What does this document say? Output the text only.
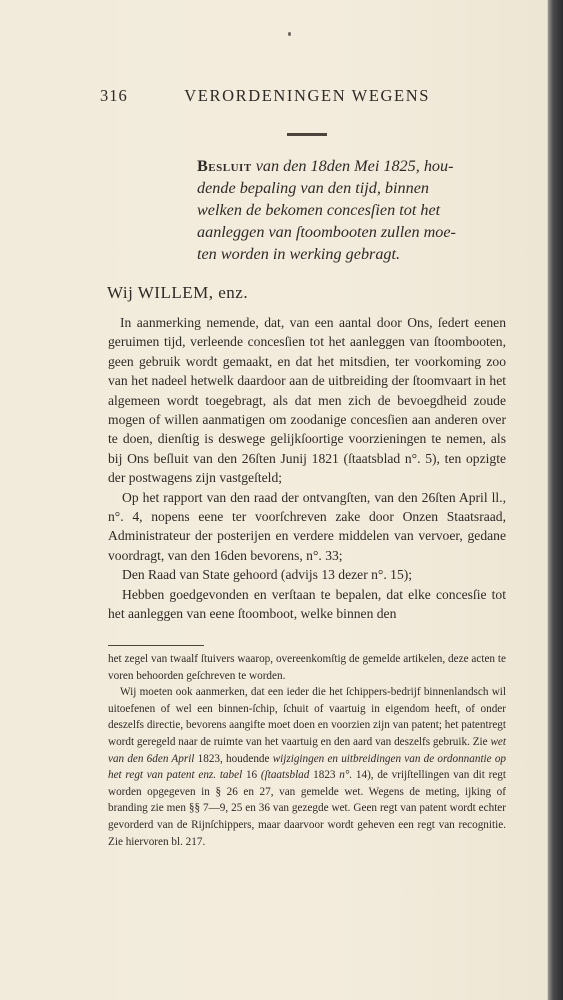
316	VERORDENINGEN WEGENS
Besluit van den 18den Mei 1825, hou-
dende bepaling van den tijd, binnen
welken de bekomen concesſien tot het
aanleggen van ſtoombooten zullen moe-
ten worden in werking gebragt.
Wij WILLEM, enz.

In aanmerking nemende, dat, van een aantal door Ons, ſedert eenen geruimen tijd, verleende concesſien tot het aanleggen van ſtoombooten, geen gebruik wordt gemaakt, en dat het mitsdien, ter voorkoming zoo van het nadeel hetwelk daardoor aan de uitbreiding der ſtoomvaart in het algemeen wordt toegebragt, als dat men zich de bevoegdheid zoude mogen of willen aanmatigen om zoodanige concesſien aan anderen over te doen, dienſtig is deswege gelijkſoortige voorzieningen te nemen, als bij Ons beſluit van den 26ſten Junij 1821 (ſtaatsblad n°. 5), ten opzigte der postwagens zijn vastgeſteld;

Op het rapport van den raad der ontvangſten, van den 26ſten April ll., n°. 4, nopens eene ter voorſchreven zake door Onzen Staatsraad, Administrateur der posterijen en verdere middelen van vervoer, gedane voordragt, van den 16den bevorens, n°. 33;

Den Raad van State gehoord (advijs 13 dezer n°. 15);

Hebben goedgevonden en verſtaan te bepalen, dat elke concesſie tot het aanleggen van eene ſtoomboot, welke binnen den

het zegel van twaalf ſtuivers waarop, overeenkomſtig de gemelde artikelen, deze acten te voren behoorden geſchreven te worden.

Wij moeten ook aanmerken, dat een ieder die het ſchippers-bedrijf binnenlandsch wil uitoefenen of wel een binnen-ſchip, ſchuit of vaartuig in eigendom heeft, of onder deszelfs directie, bevorens aangifte moet doen en voorzien zijn van patent; het patentregt wordt geregeld naar de ruimte van het vaartuig en den aard van deszelfs gebruik. Zie wet van den 6den April 1823, houdende wijzigingen en uitbreidingen van de ordonnantie op het regt van patent enz. tabel 16 (ſtaatsblad 1823 n°. 14), de vrijſtellingen van dit regt worden opgegeven in § 26 en 27, van gemelde wet. Wegens de meting, ijking of branding zie men §§ 7—9, 25 en 36 van gezegde wet. Geen regt van patent wordt echter gevorderd van de Rijnſchippers, maar daarvoor wordt geheven een regt van recognitie. Zie hiervoren bl. 217.
